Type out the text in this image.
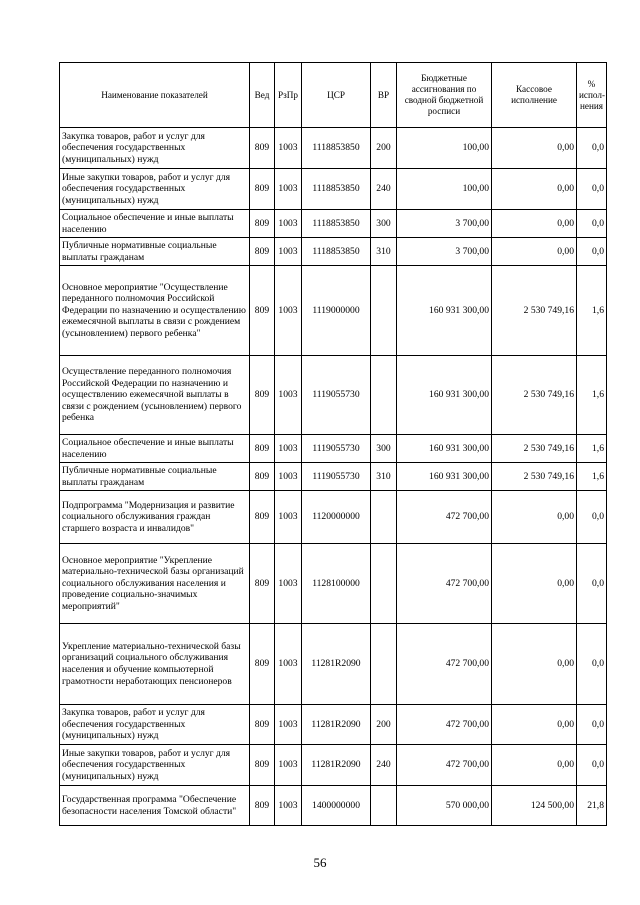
Наименование показателей	Вед	РзПр	ЦСР	ВР	Бюджетные ассигнования по сводной бюджетной росписи	Кассовое исполнение	% испол-нения
Закупка товаров, работ и услуг для обеспечения государственных (муниципальных) нужд	809	1003	1118853850	200	100,00	0,00	0,0
Иные закупки товаров, работ и услуг для обеспечения государственных (муниципальных) нужд	809	1003	1118853850	240	100,00	0,00	0,0
Социальное обеспечение и иные выплаты населению	809	1003	1118853850	300	3 700,00	0,00	0,0
Публичные нормативные социальные выплаты гражданам	809	1003	1118853850	310	3 700,00	0,00	0,0
Основное мероприятие "Осуществление переданного полномочия Российской Федерации по назначению и осуществлению ежемесячной выплаты в связи с рождением (усыновлением) первого ребенка"	809	1003	1119000000		160 931 300,00	2 530 749,16	1,6
Осуществление переданного полномочия Российской Федерации по назначению и осуществлению ежемесячной выплаты в связи с рождением (усыновлением) первого ребенка	809	1003	1119055730		160 931 300,00	2 530 749,16	1,6
Социальное обеспечение и иные выплаты населению	809	1003	1119055730	300	160 931 300,00	2 530 749,16	1,6
Публичные нормативные социальные выплаты гражданам	809	1003	1119055730	310	160 931 300,00	2 530 749,16	1,6
Подпрограмма "Модернизация и развитие социального обслуживания граждан старшего возраста и инвалидов"	809	1003	1120000000		472 700,00	0,00	0,0
Основное мероприятие "Укрепление материально-технической базы организаций социального обслуживания населения и проведение социально-значимых мероприятий"	809	1003	1128100000		472 700,00	0,00	0,0
Укрепление материально-технической базы организаций социального обслуживания населения и обучение компьютерной грамотности неработающих пенсионеров	809	1003	11281R2090		472 700,00	0,00	0,0
Закупка товаров, работ и услуг для обеспечения государственных (муниципальных) нужд	809	1003	11281R2090	200	472 700,00	0,00	0,0
Иные закупки товаров, работ и услуг для обеспечения государственных (муниципальных) нужд	809	1003	11281R2090	240	472 700,00	0,00	0,0
Государственная программа "Обеспечение безопасности населения Томской области"	809	1003	1400000000		570 000,00	124 500,00	21,8
56
